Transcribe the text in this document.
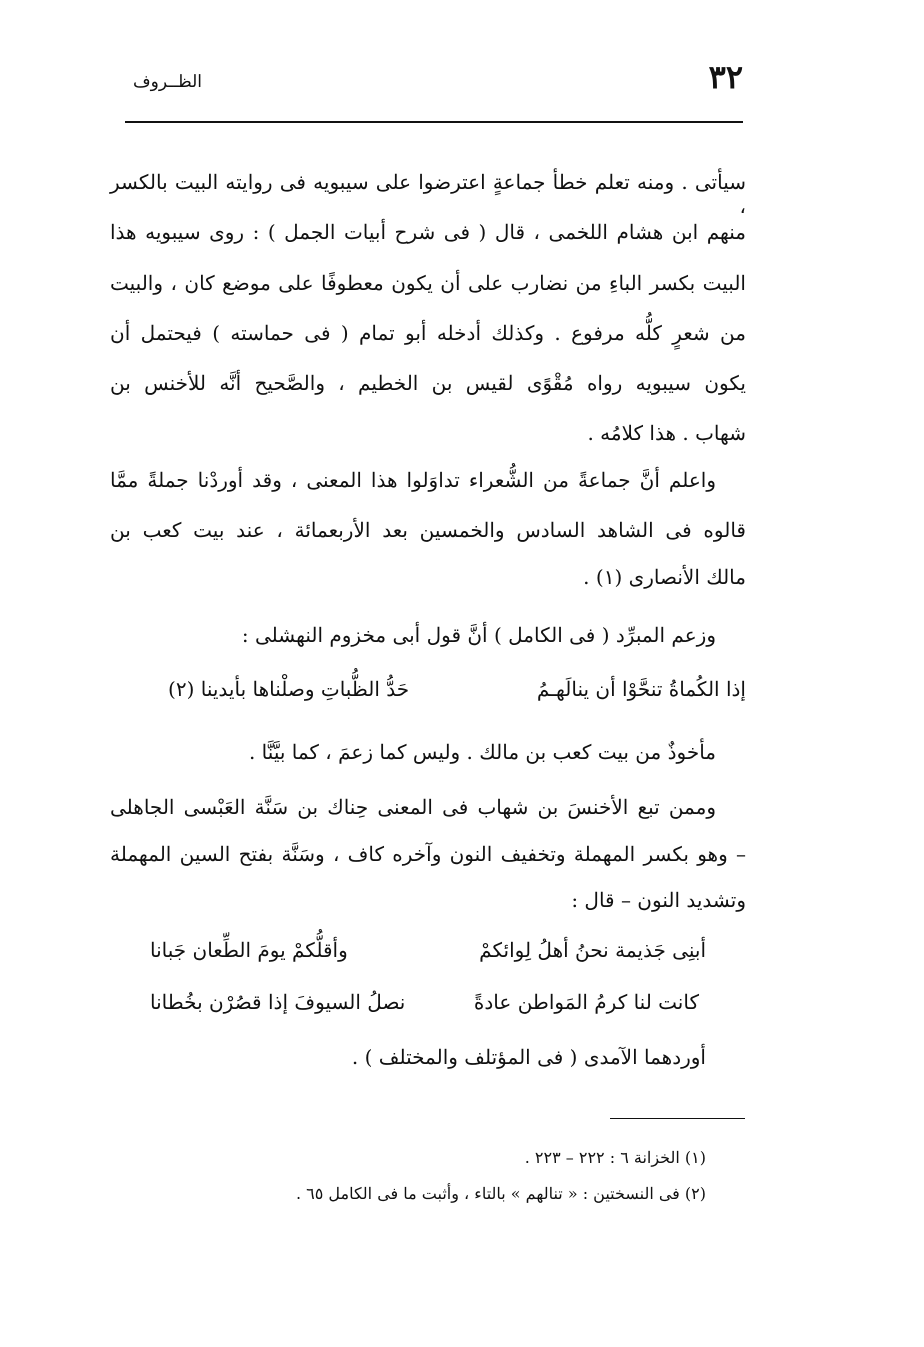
٣٢
الظــروف
سيأتى . ومنه تعلم خطأ جماعةٍ اعترضوا على سيبويه فى روايته البيت بالكسر ،
منهم ابن هشام اللخمى ، قال ( فى شرح أبيات الجمل ) : روى سيبويه هذا
البيت بكسر الباءِ من نضارب على أن يكون معطوفًا على موضع كان ، والبيت
من شعرٍ كلُّه مرفوع . وكذلك أدخله أبو تمام ( فى حماسته ) فيحتمل أن
يكون سيبويه رواه مُقْوًى لقيس بن الخطيم ، والصَّحيح أنَّه للأخنس بن
شهاب . هذا كلامُه .
واعلم أنَّ جماعةً من الشُّعراء تداوَلوا هذا المعنى ، وقد أوردْنا جملةً ممَّا
قالوه فى الشاهد السادس والخمسين بعد الأربعمائة ، عند بيت كعب بن
مالك الأنصارى (١) .
وزعم المبرِّد ( فى الكامل ) أنَّ قول أبى مخزوم النهشلى :
إذا الكُماةُ تنحَّوْا أن ينالَهـمُ
حَدُّ الظُّباتِ وصلْناها بأيدينا (٢)
مأخوذٌ من بيت كعب بن مالك . وليس كما زعمَ ، كما بيَّنَّا .
وممن تبع الأخنسَ بن شهاب فى المعنى حِناك بن سَنَّة العَبْسى الجاهلى
– وهو بكسر المهملة وتخفيف النون وآخره كاف ، وسَنَّة بفتح السين المهملة
وتشديد النون – قال :
أبنِى جَذيمة نحنُ أهلُ لِوائكمْ
وأقلُّكمْ يومَ الطِّعان جَبانا
كانت لنا كرمُ المَواطن عادةً
نصلُ السيوفَ إذا قصُرْن بخُطانا
أوردهما الآمدى ( فى المؤتلف والمختلف ) .
(١) الخزانة ٦ : ٢٢٢ – ٢٢٣ .
(٢) فى النسختين : « تنالهم » بالتاء ، وأثبت ما فى الكامل ٦٥ .
